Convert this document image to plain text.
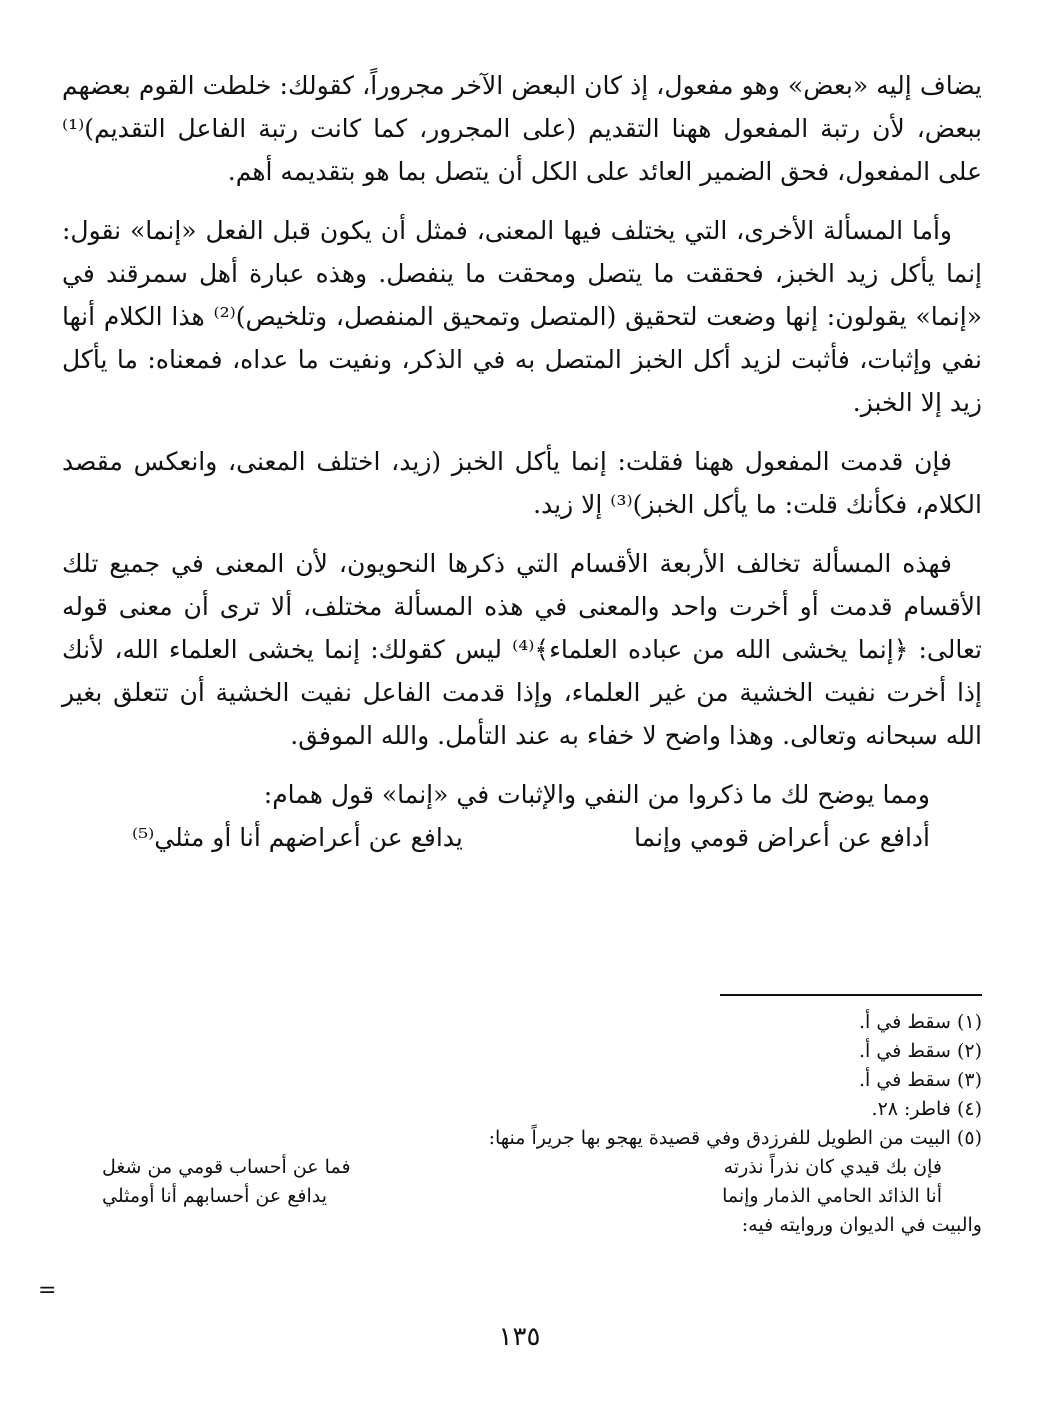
يضاف إليه «بعض» وهو مفعول، إذ كان البعض الآخر مجروراً، كقولك: خلطت القوم بعضهم ببعض، لأن رتبة المفعول ههنا التقديم (على المجرور، كما كانت رتبة الفاعل التقديم)⁽¹⁾ على المفعول، فحق الضمير العائد على الكل أن يتصل بما هو بتقديمه أهم.

وأما المسألة الأخرى، التي يختلف فيها المعنى، فمثل أن يكون قبل الفعل «إنما» نقول: إنما يأكل زيد الخبز، فحققت ما يتصل ومحقت ما ينفصل. وهذه عبارة أهل سمرقند في «إنما» يقولون: إنها وضعت لتحقيق (المتصل وتمحيق المنفصل، وتلخيص)⁽²⁾ هذا الكلام أنها نفي وإثبات، فأثبت لزيد أكل الخبز المتصل به في الذكر، ونفيت ما عداه، فمعناه: ما يأكل زيد إلا الخبز.

فإن قدمت المفعول ههنا فقلت: إنما يأكل الخبز (زيد، اختلف المعنى، وانعكس مقصد الكلام، فكأنك قلت: ما يأكل الخبز)⁽³⁾ إلا زيد.

فهذه المسألة تخالف الأربعة الأقسام التي ذكرها النحويون، لأن المعنى في جميع تلك الأقسام قدمت أو أخرت واحد والمعنى في هذه المسألة مختلف، ألا ترى أن معنى قوله تعالى: ﴿إنما يخشى الله من عباده العلماء﴾⁽⁴⁾ ليس كقولك: إنما يخشى العلماء الله، لأنك إذا أخرت نفيت الخشية من غير العلماء، وإذا قدمت الفاعل نفيت الخشية أن تتعلق بغير الله سبحانه وتعالى. وهذا واضح لا خفاء به عند التأمل. والله الموفق.

ومما يوضح لك ما ذكروا من النفي والإثبات في «إنما» قول همام:

أدافع عن أعراض قومي وإنما
يدافع عن أعراضهم أنا أو مثلي⁽⁵⁾

(١) سقط في أ.

(٢) سقط في أ.

(٣) سقط في أ.

(٤) فاطر: ٢٨.

(٥) البيت من الطويل للفرزدق وفي قصيدة يهجو بها جريراً منها:

فإن بك قيدي كان نذراً نذرته
فما عن أحساب قومي من شغل
أنا الذائد الحامي الذمار وإنما
يدافع عن أحسابهم أنا أومثلي

والبيت في الديوان وروايته فيه:

=
١٣٥
